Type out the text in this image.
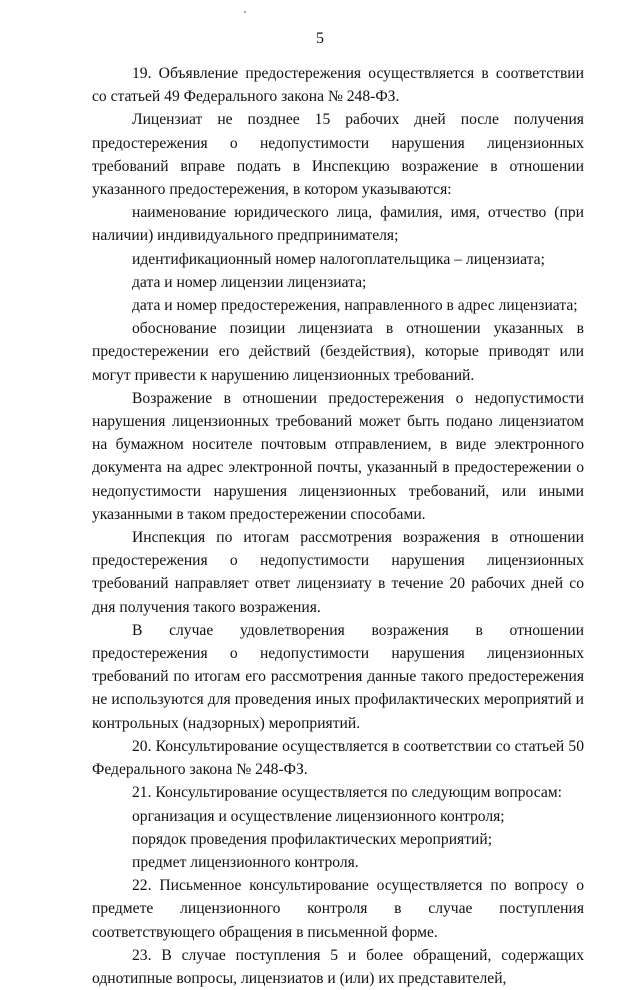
5

19. Объявление предостережения осуществляется в соответствии со статьей 49 Федерального закона № 248-ФЗ.

Лицензиат не позднее 15 рабочих дней после получения предостережения о недопустимости нарушения лицензионных требований вправе подать в Инспекцию возражение в отношении указанного предостережения, в котором указываются:

наименование юридического лица, фамилия, имя, отчество (при наличии) индивидуального предпринимателя;

идентификационный номер налогоплательщика – лицензиата;

дата и номер лицензии лицензиата;

дата и номер предостережения, направленного в адрес лицензиата;

обоснование позиции лицензиата в отношении указанных в предостережении его действий (бездействия), которые приводят или могут привести к нарушению лицензионных требований.

Возражение в отношении предостережения о недопустимости нарушения лицензионных требований может быть подано лицензиатом на бумажном носителе почтовым отправлением, в виде электронного документа на адрес электронной почты, указанный в предостережении о недопустимости нарушения лицензионных требований, или иными указанными в таком предостережении способами.

Инспекция по итогам рассмотрения возражения в отношении предостережения о недопустимости нарушения лицензионных требований направляет ответ лицензиату в течение 20 рабочих дней со дня получения такого возражения.

В случае удовлетворения возражения в отношении предостережения о недопустимости нарушения лицензионных требований по итогам его рассмотрения данные такого предостережения не используются для проведения иных профилактических мероприятий и контрольных (надзорных) мероприятий.

20. Консультирование осуществляется в соответствии со статьей 50 Федерального закона № 248-ФЗ.

21. Консультирование осуществляется по следующим вопросам:

организация и осуществление лицензионного контроля;

порядок проведения профилактических мероприятий;

предмет лицензионного контроля.

22. Письменное консультирование осуществляется по вопросу о предмете лицензионного контроля в случае поступления соответствующего обращения в письменной форме.

23. В случае поступления 5 и более обращений, содержащих однотипные вопросы, лицензиатов и (или) их представителей,
